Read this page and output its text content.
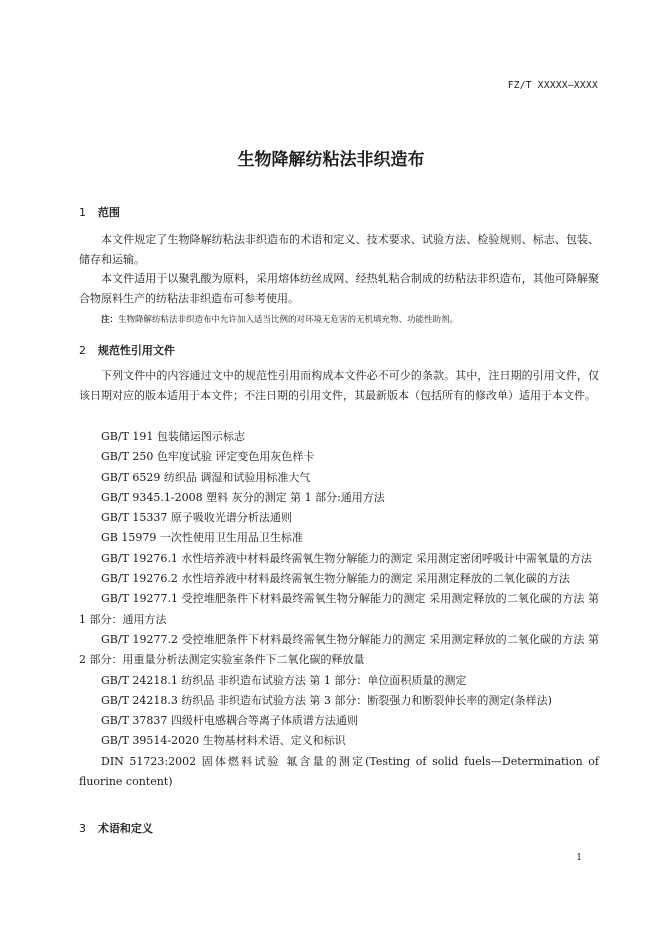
FZ/T XXXXX—XXXX
生物降解纺粘法非织造布
1 范围

本文件规定了生物降解纺粘法非织造布的术语和定义、技术要求、试验方法、检验规则、标志、包装、储存和运输。

本文件适用于以聚乳酸为原料，采用熔体纺丝成网、经热轧粘合制成的纺粘法非织造布，其他可降解聚合物原料生产的纺粘法非织造布可参考使用。

注：生物降解纺粘法非织造布中允许加入适当比例的对环境无危害的无机填充物、功能性助剂。
2 规范性引用文件

下列文件中的内容通过文中的规范性引用而构成本文件必不可少的条款。其中，注日期的引用文件，仅该日期对应的版本适用于本文件；不注日期的引用文件，其最新版本（包括所有的修改单）适用于本文件。

GB/T 191 包装储运图示标志

GB/T 250 色牢度试验 评定变色用灰色样卡

GB/T 6529 纺织品 调湿和试验用标准大气

GB/T 9345.1-2008 塑料 灰分的测定 第 1 部分:通用方法

GB/T 15337 原子吸收光谱分析法通则

GB 15979 一次性使用卫生用品卫生标准

GB/T 19276.1 水性培养液中材料最终需氧生物分解能力的测定 采用测定密闭呼吸计中需氧量的方法

GB/T 19276.2 水性培养液中材料最终需氧生物分解能力的测定 采用测定释放的二氧化碳的方法

GB/T 19277.1 受控堆肥条件下材料最终需氧生物分解能力的测定 采用测定释放的二氧化碳的方法 第 1 部分：通用方法

GB/T 19277.2 受控堆肥条件下材料最终需氧生物分解能力的测定 采用测定释放的二氧化碳的方法 第 2 部分：用重量分析法测定实验室条件下二氧化碳的释放量

GB/T 24218.1 纺织品 非织造布试验方法 第 1 部分：单位面积质量的测定

GB/T 24218.3 纺织品 非织造布试验方法 第 3 部分：断裂强力和断裂伸长率的测定(条样法)

GB/T 37837 四级杆电感耦合等离子体质谱方法通则

GB/T 39514-2020 生物基材料术语、定义和标识

DIN 51723:2002 固体燃料试验 氟含量的测定(Testing of solid fuels—Determination of fluorine content)

3 术语和定义
1
